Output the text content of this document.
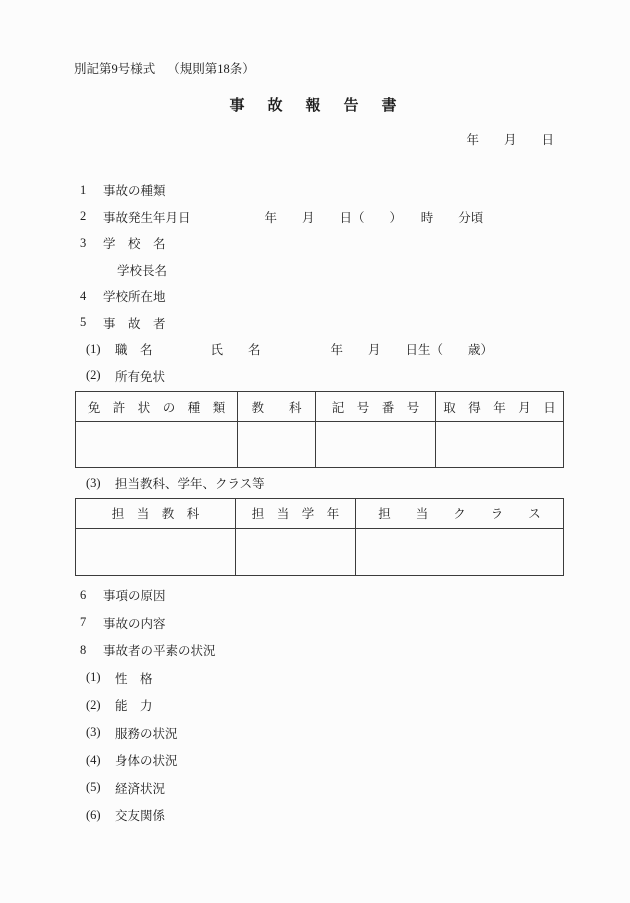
別記第9号様式 （規則第18条）
事　故　報　告　書
年　　月　　日
1	事故の種類
2	事故発生年月日	年　　月　　日（　　）　　時　　分頃
3	学　校　名
学校長名
4	学校所在地
5	事　故　者
(1)	職　名	氏　　名	年　　月　　日生（　　歳）
(2)	所有免状
免　許　状　の　種　類	教　　科	記　号　番　号	取　得　年　月　日

(3)	担当教科、学年、クラス等
担　当　教　科	担　当　学　年	担　　当　　ク　　ラ　　ス

6	事項の原因
7	事故の内容
8	事故者の平素の状況
(1)	性　格
(2)	能　力
(3)	服務の状況
(4)	身体の状況
(5)	経済状況
(6)	交友関係
